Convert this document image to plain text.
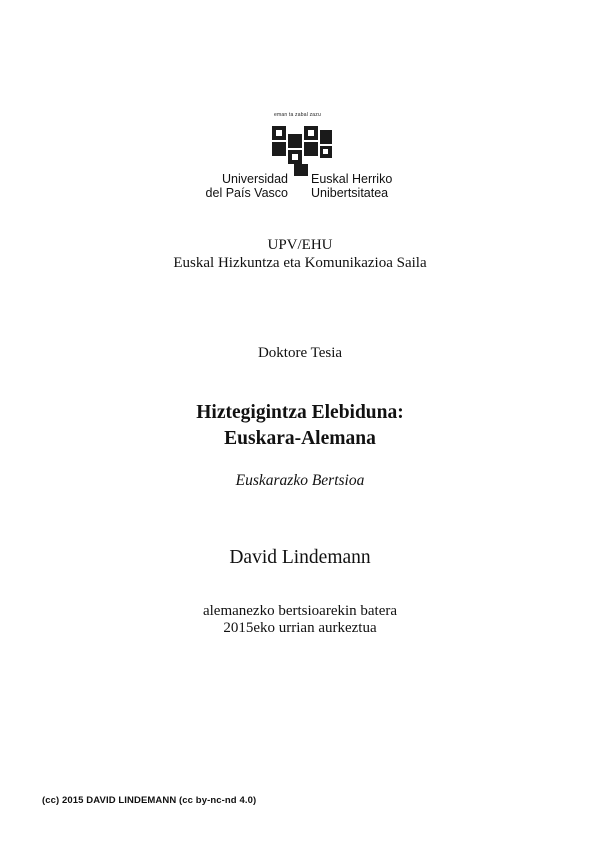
eman ta zabal zazu
Universidad
del País Vasco
Euskal Herriko
Unibertsitatea
UPV/EHU
Euskal Hizkuntza eta Komunikazioa Saila
Doktore Tesia
Hiztegigintza Elebiduna:
Euskara-Alemana
Euskarazko Bertsioa
David Lindemann
alemanezko bertsioarekin batera
2015eko urrian aurkeztua
(cc) 2015 DAVID LINDEMANN (cc by-nc-nd 4.0)
